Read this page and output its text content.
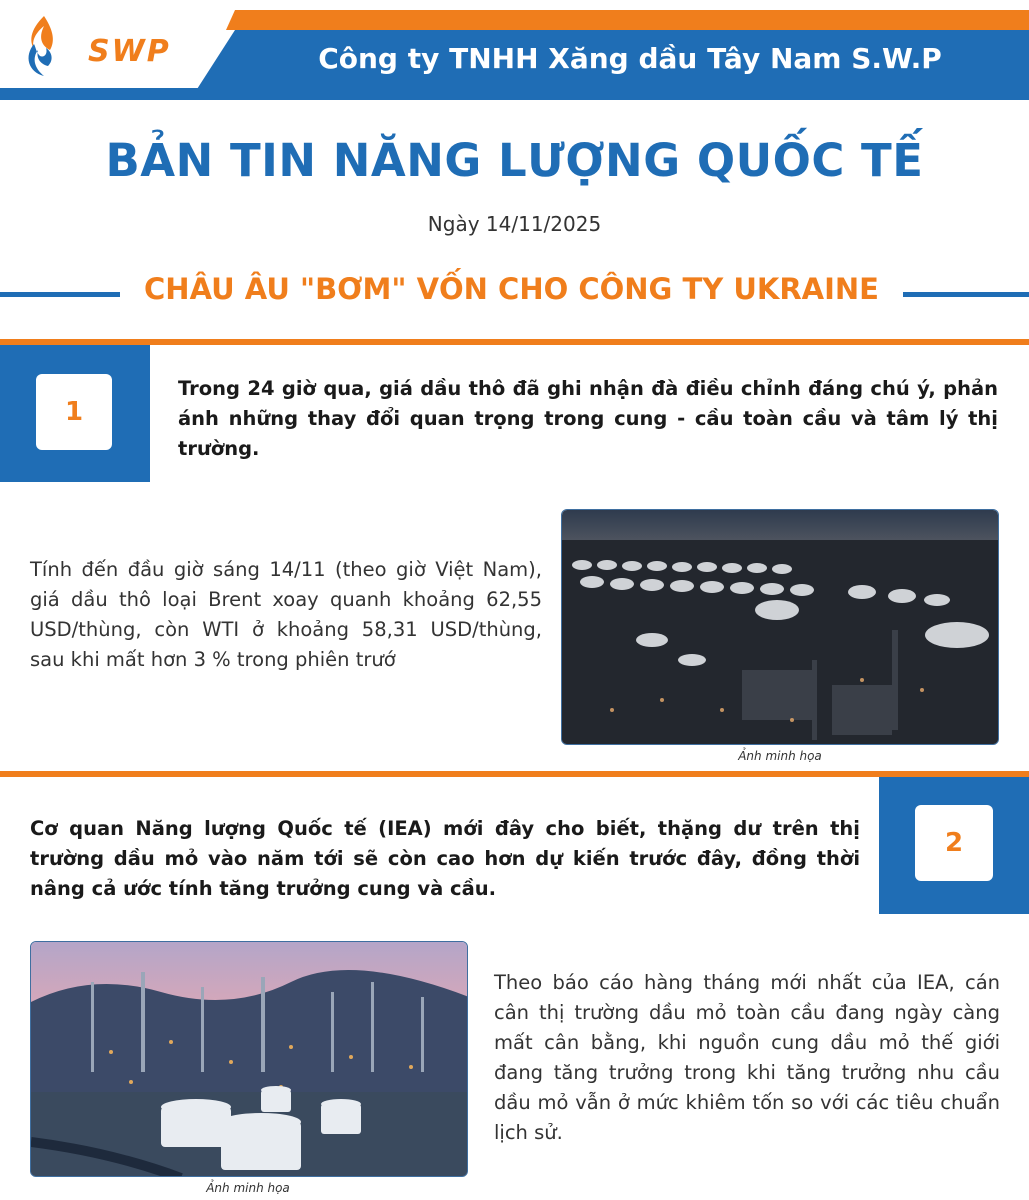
SWP	Công ty TNHH Xăng dầu Tây Nam S.W.P
BẢN TIN NĂNG LƯỢNG QUỐC TẾ
Ngày 14/11/2025
CHÂU ÂU "BƠM" VỐN CHO CÔNG TY UKRAINE
1
Trong 24 giờ qua, giá dầu thô đã ghi nhận đà điều chỉnh đáng chú ý, phản ánh những thay đổi quan trọng trong cung - cầu toàn cầu và tâm lý thị trường.
Tính đến đầu giờ sáng 14/11 (theo giờ Việt Nam), giá dầu thô loại Brent xoay quanh khoảng 62,55 USD/thùng, còn WTI ở khoảng 58,31 USD/thùng, sau khi mất hơn 3 % trong phiên trướ
Ảnh minh họa
2
Cơ quan Năng lượng Quốc tế (IEA) mới đây cho biết, thặng dư trên thị trường dầu mỏ vào năm tới sẽ còn cao hơn dự kiến trước đây, đồng thời nâng cả ước tính tăng trưởng cung và cầu.
Ảnh minh họa
Theo báo cáo hàng tháng mới nhất của IEA, cán cân thị trường dầu mỏ toàn cầu đang ngày càng mất cân bằng, khi nguồn cung dầu mỏ thế giới đang tăng trưởng trong khi tăng trưởng nhu cầu dầu mỏ vẫn ở mức khiêm tốn so với các tiêu chuẩn lịch sử.
